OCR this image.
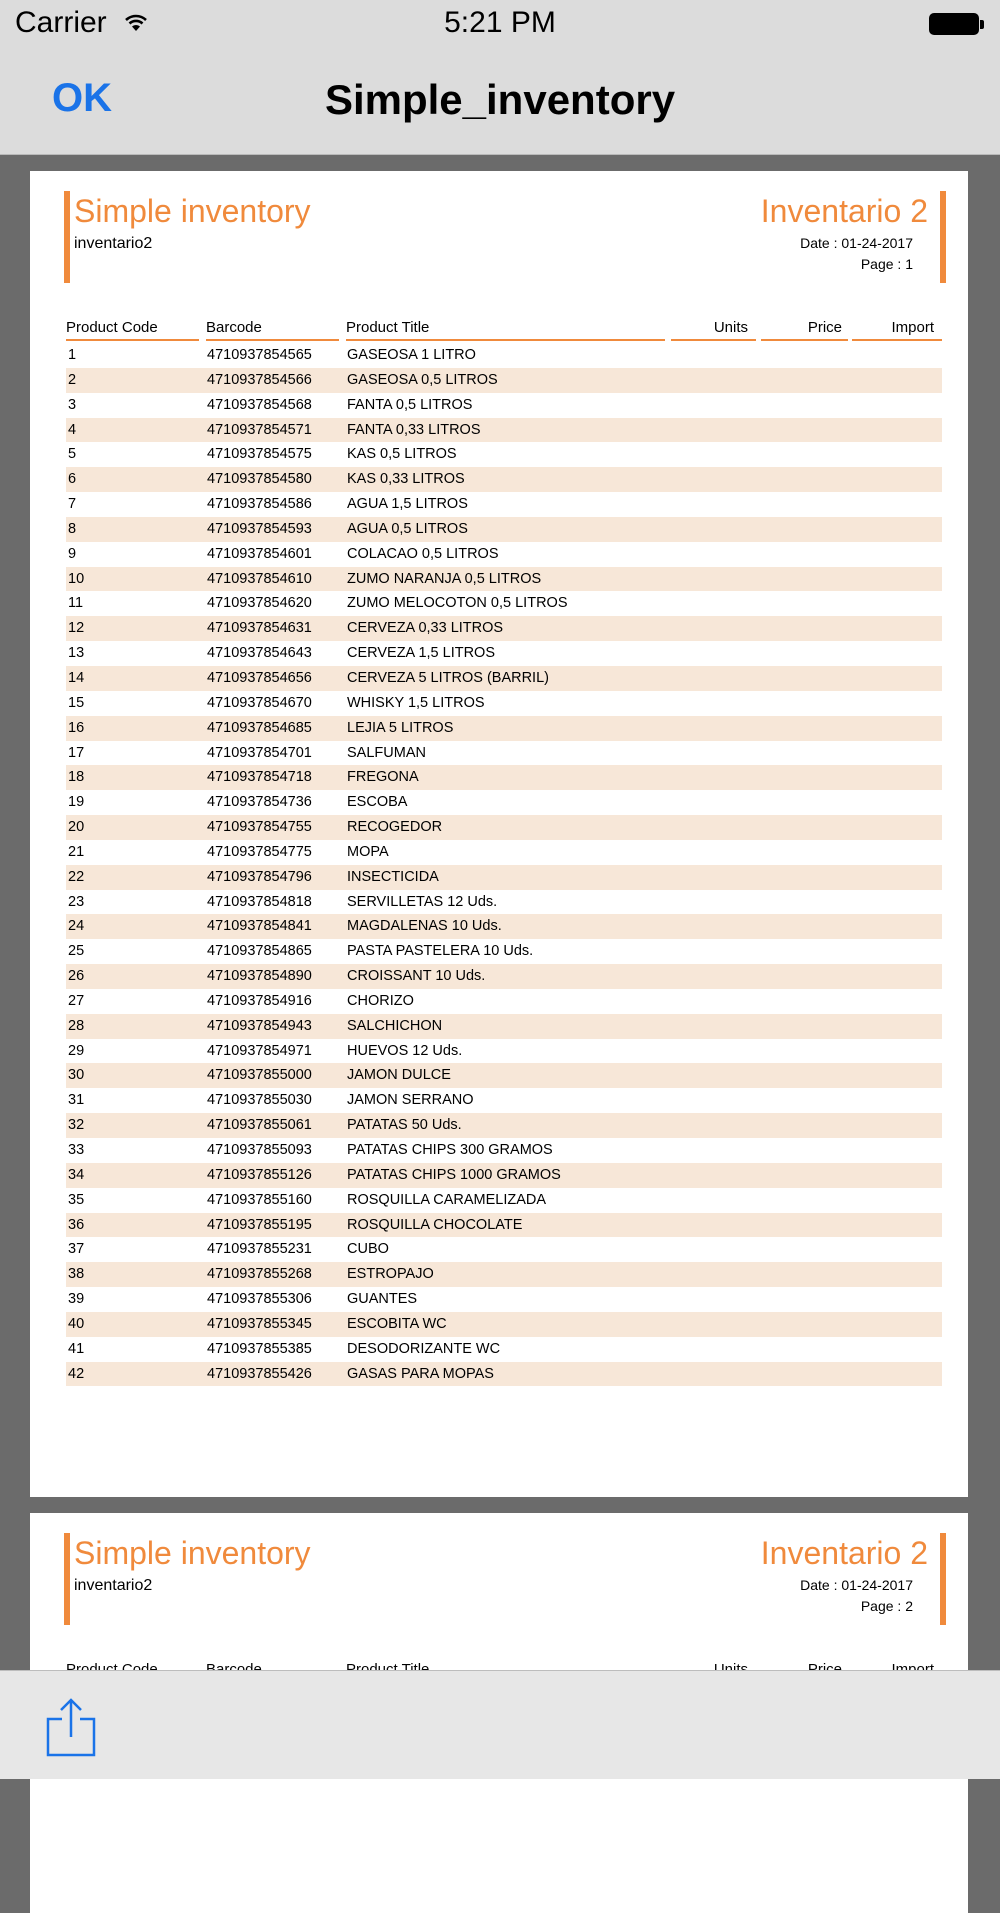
Carrier	5:21 PM
OK	Simple_inventory
Simple inventory
inventario2
Inventario 2
Date : 01-24-2017
Page : 1
Product Code	Barcode	Product Title	Units	Price	Import
1	4710937854565 GASEOSA 1 LITRO
2	4710937854566 GASEOSA 0,5 LITROS
3	4710937854568 FANTA 0,5 LITROS
4	4710937854571 FANTA 0,33 LITROS
5	4710937854575 KAS 0,5 LITROS
6	4710937854580 KAS 0,33 LITROS
7	4710937854586 AGUA 1,5 LITROS
8	4710937854593 AGUA 0,5 LITROS
9	4710937854601 COLACAO 0,5 LITROS
10	4710937854610 ZUMO NARANJA 0,5 LITROS
11	4710937854620 ZUMO MELOCOTON 0,5 LITROS
12	4710937854631 CERVEZA 0,33 LITROS
13	4710937854643 CERVEZA 1,5 LITROS
14	4710937854656 CERVEZA 5 LITROS (BARRIL)
15	4710937854670 WHISKY 1,5 LITROS
16	4710937854685 LEJIA 5 LITROS
17	4710937854701 SALFUMAN
18	4710937854718 FREGONA
19	4710937854736 ESCOBA
20	4710937854755 RECOGEDOR
21	4710937854775 MOPA
22	4710937854796 INSECTICIDA
23	4710937854818 SERVILLETAS 12 Uds.
24	4710937854841 MAGDALENAS 10 Uds.
25	4710937854865 PASTA PASTELERA 10 Uds.
26	4710937854890 CROISSANT 10 Uds.
27	4710937854916 CHORIZO
28	4710937854943 SALCHICHON
29	4710937854971 HUEVOS 12 Uds.
30	4710937855000 JAMON DULCE
31	4710937855030 JAMON SERRANO
32	4710937855061 PATATAS 50 Uds.
33	4710937855093 PATATAS CHIPS 300 GRAMOS
34	4710937855126 PATATAS CHIPS 1000 GRAMOS
35	4710937855160 ROSQUILLA CARAMELIZADA
36	4710937855195 ROSQUILLA CHOCOLATE
37	4710937855231 CUBO
38	4710937855268 ESTROPAJO
39	4710937855306 GUANTES
40	4710937855345 ESCOBITA WC
41	4710937855385 DESODORIZANTE WC
42	4710937855426 GASAS PARA MOPAS
Simple inventory
inventario2
Inventario 2
Date : 01-24-2017
Page : 2
